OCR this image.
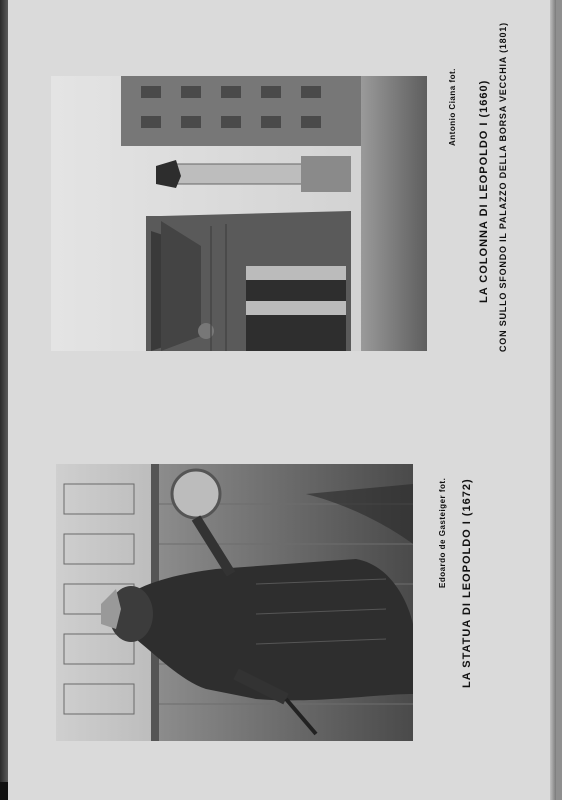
Edoardo de Gasteiger fot. LA STATUA DI LEOPOLDO I (1672)
Antonio Ciana fot. LA COLONNA DI LEOPOLDO I (1660) CON SULLO SFONDO IL PALAZZO DELLA BORSA VECCHIA (1801)
